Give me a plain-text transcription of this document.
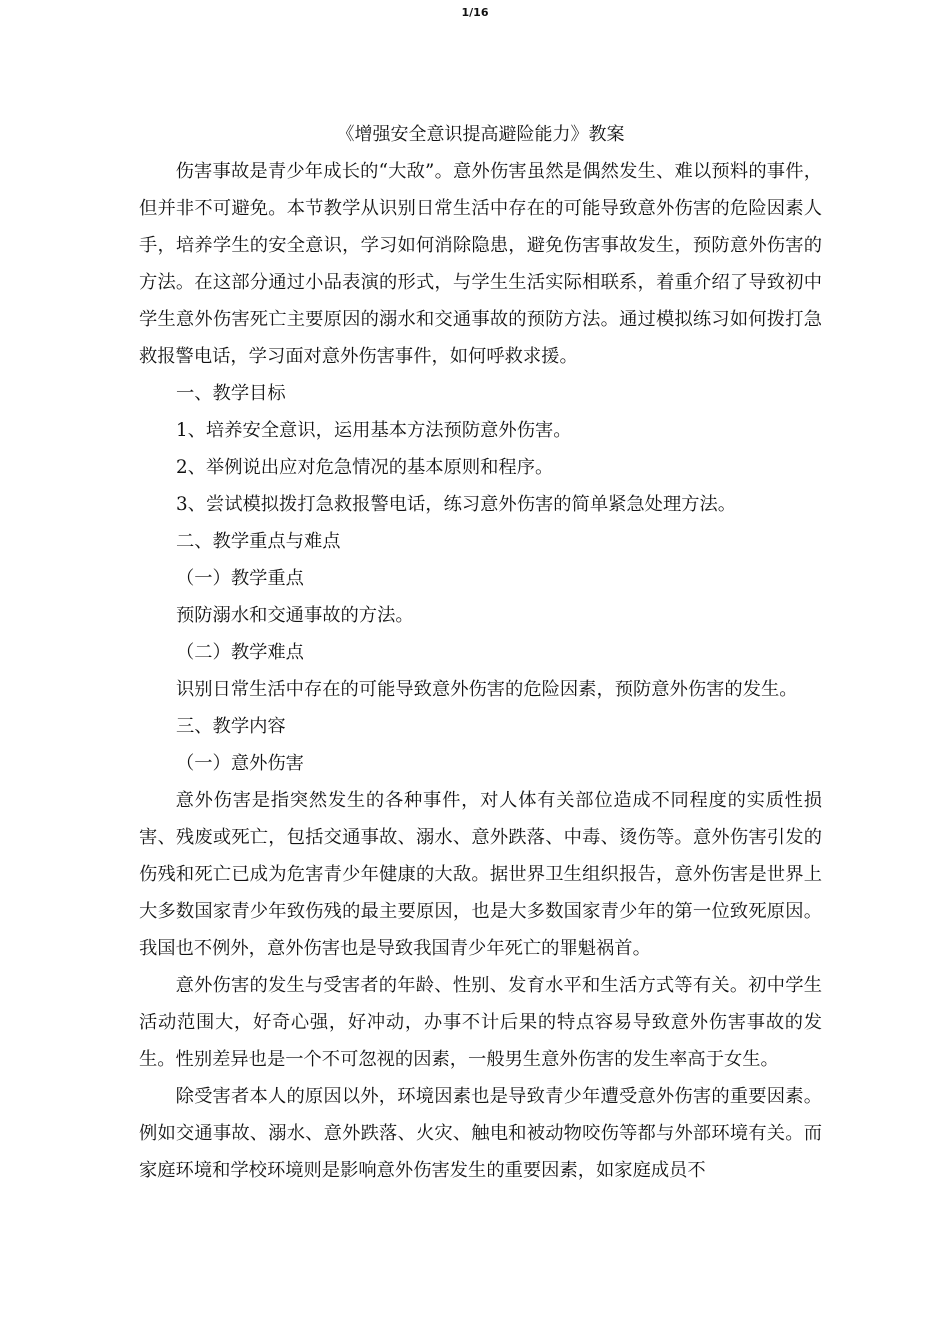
1/16
《增强安全意识提高避险能力》教案

伤害事故是青少年成长的“大敌”。意外伤害虽然是偶然发生、难以预料的事件，但并非不可避免。本节教学从识别日常生活中存在的可能导致意外伤害的危险因素人手，培养学生的安全意识，学习如何消除隐患，避免伤害事故发生，预防意外伤害的方法。在这部分通过小品表演的形式，与学生生活实际相联系，着重介绍了导致初中学生意外伤害死亡主要原因的溺水和交通事故的预防方法。通过模拟练习如何拨打急救报警电话，学习面对意外伤害事件，如何呼救求援。

一、教学目标

1、培养安全意识，运用基本方法预防意外伤害。

2、举例说出应对危急情况的基本原则和程序。

3、尝试模拟拨打急救报警电话，练习意外伤害的简单紧急处理方法。

二、教学重点与难点

（一）教学重点

预防溺水和交通事故的方法。

（二）教学难点

识别日常生活中存在的可能导致意外伤害的危险因素，预防意外伤害的发生。

三、教学内容

（一）意外伤害

意外伤害是指突然发生的各种事件，对人体有关部位造成不同程度的实质性损害、残废或死亡，包括交通事故、溺水、意外跌落、中毒、烫伤等。意外伤害引发的伤残和死亡已成为危害青少年健康的大敌。据世界卫生组织报告，意外伤害是世界上大多数国家青少年致伤残的最主要原因，也是大多数国家青少年的第一位致死原因。我国也不例外，意外伤害也是导致我国青少年死亡的罪魁祸首。

意外伤害的发生与受害者的年龄、性别、发育水平和生活方式等有关。初中学生活动范围大，好奇心强，好冲动，办事不计后果的特点容易导致意外伤害事故的发生。性别差异也是一个不可忽视的因素，一般男生意外伤害的发生率高于女生。

除受害者本人的原因以外，环境因素也是导致青少年遭受意外伤害的重要因素。例如交通事故、溺水、意外跌落、火灾、触电和被动物咬伤等都与外部环境有关。而家庭环境和学校环境则是影响意外伤害发生的重要因素，如家庭成员不
